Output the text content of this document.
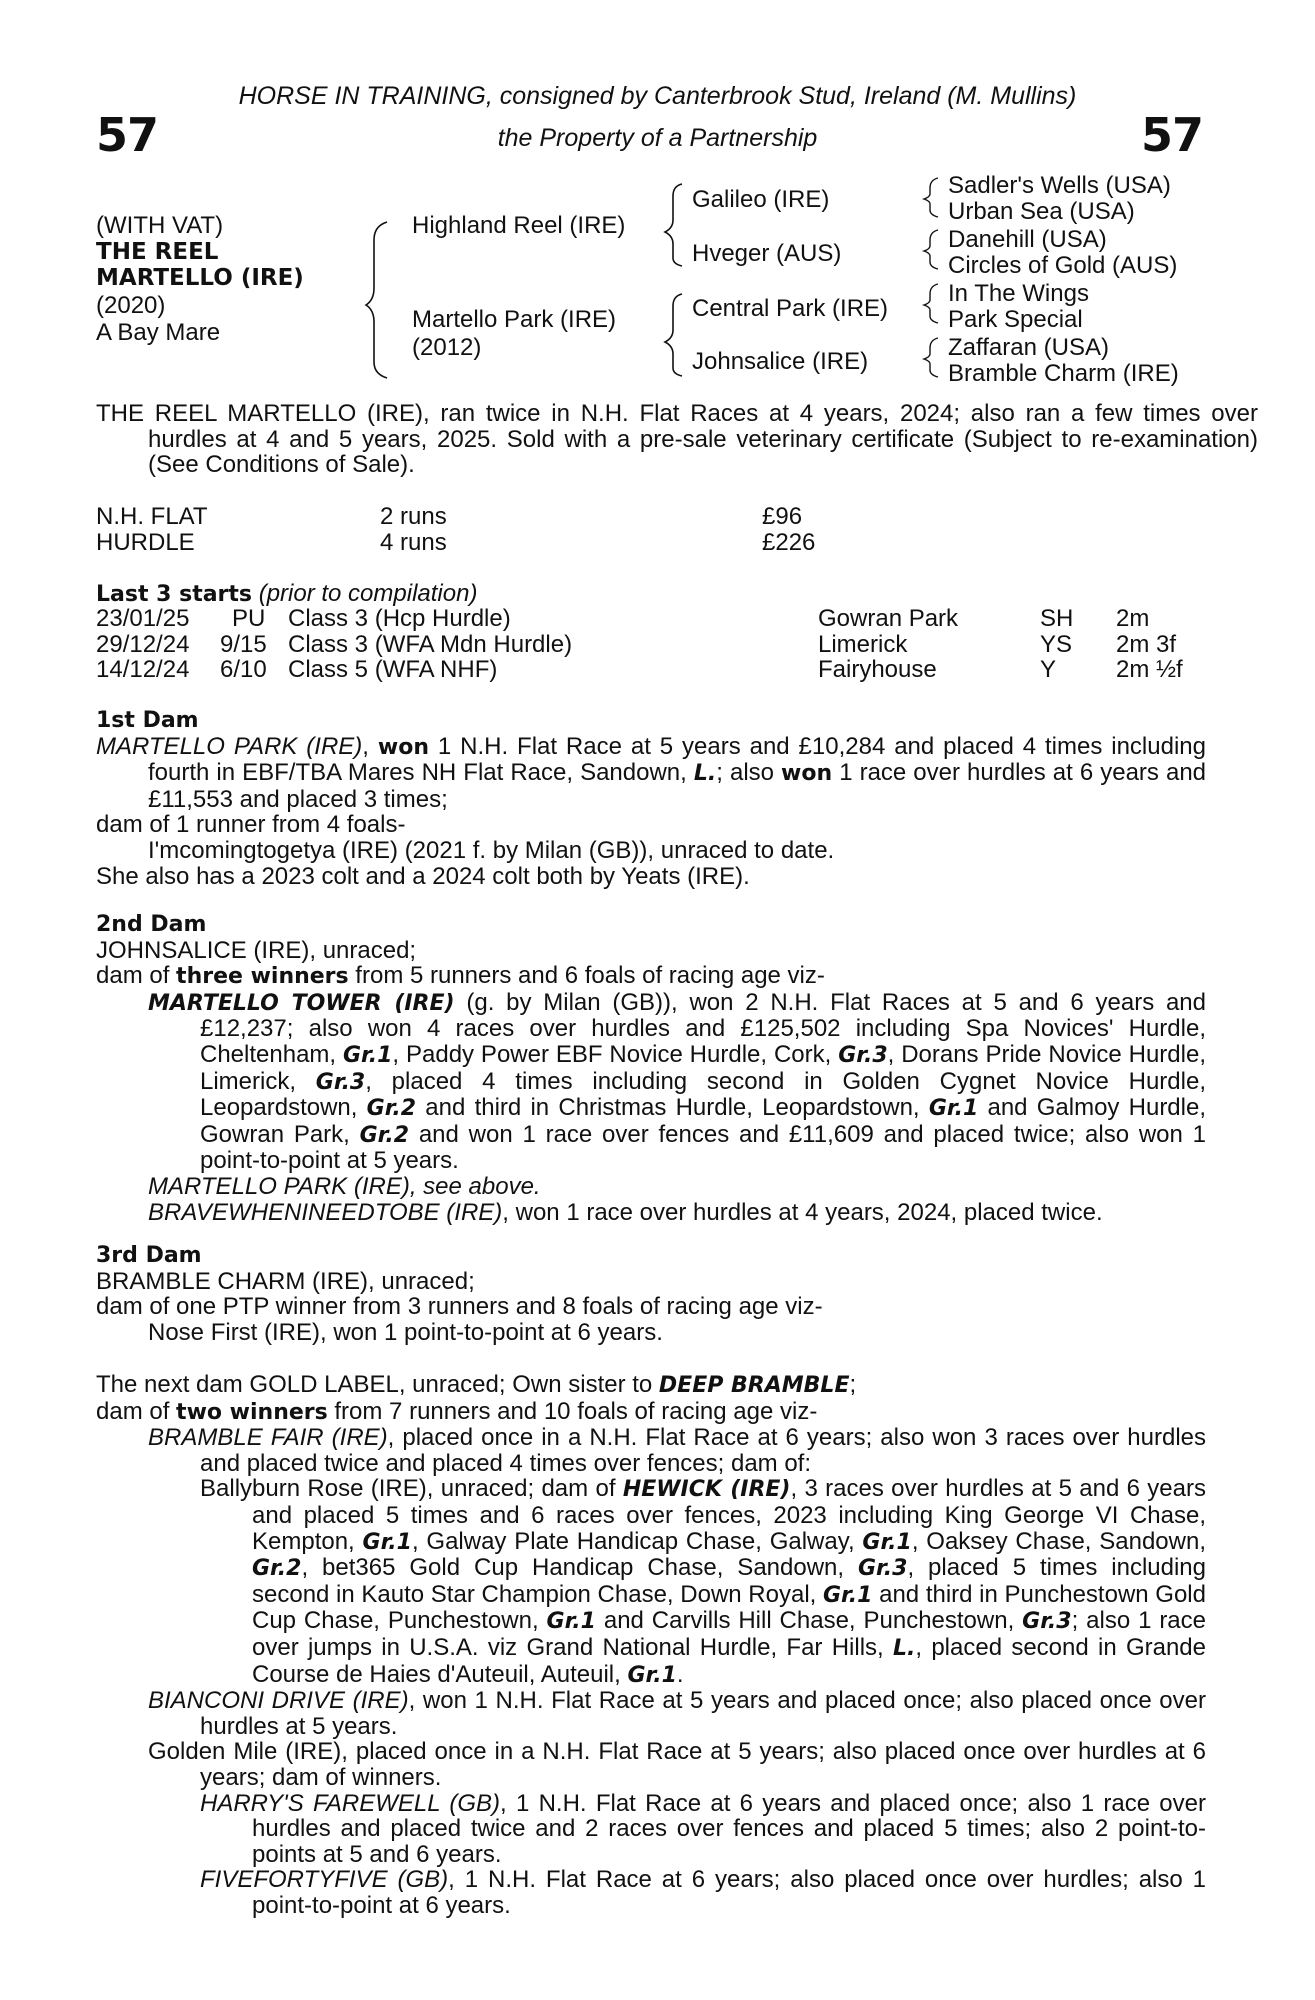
57	57
HORSE IN TRAINING, consigned by Canterbrook Stud, Ireland (M. Mullins)
the Property of a Partnership
(WITH VAT)
THE REEL
MARTELLO (IRE)
(2020)
A Bay Mare
Highland Reel (IRE)
Martello Park (IRE)
(2012)
Galileo (IRE)
Hveger (AUS)
Central Park (IRE)
Johnsalice (IRE)
Sadler's Wells (USA)
Urban Sea (USA)
Danehill (USA)
Circles of Gold (AUS)
In The Wings
Park Special
Zaffaran (USA)
Bramble Charm (IRE)
THE REEL MARTELLO (IRE), ran twice in N.H. Flat Races at 4 years, 2024; also ran a few times over hurdles at 4 and 5 years, 2025. Sold with a pre-sale veterinary certificate (Subject to re-examination) (See Conditions of Sale).
N.H. FLAT	2 runs	£96
HURDLE	4 runs	£226
Last 3 starts (prior to compilation)
23/01/25 PU Class 3 (Hcp Hurdle)	Gowran Park	SH 2m
29/12/24 9/15 Class 3 (WFA Mdn Hurdle)	Limerick	YS 2m 3f
14/12/24 6/10 Class 5 (WFA NHF)	Fairyhouse	Y 2m ½f
1st Dam
MARTELLO PARK (IRE), won 1 N.H. Flat Race at 5 years and £10,284 and placed 4 times including fourth in EBF/TBA Mares NH Flat Race, Sandown, L.; also won 1 race over hurdles at 6 years and £11,553 and placed 3 times;
dam of 1 runner from 4 foals-
I'mcomingtogetya (IRE) (2021 f. by Milan (GB)), unraced to date.
She also has a 2023 colt and a 2024 colt both by Yeats (IRE).
2nd Dam
JOHNSALICE (IRE), unraced;
dam of three winners from 5 runners and 6 foals of racing age viz-
MARTELLO TOWER (IRE) (g. by Milan (GB)), won 2 N.H. Flat Races at 5 and 6 years and £12,237; also won 4 races over hurdles and £125,502 including Spa Novices' Hurdle, Cheltenham, Gr.1, Paddy Power EBF Novice Hurdle, Cork, Gr.3, Dorans Pride Novice Hurdle, Limerick, Gr.3, placed 4 times including second in Golden Cygnet Novice Hurdle, Leopardstown, Gr.2 and third in Christmas Hurdle, Leopardstown, Gr.1 and Galmoy Hurdle, Gowran Park, Gr.2 and won 1 race over fences and £11,609 and placed twice; also won 1 point-to-point at 5 years.
MARTELLO PARK (IRE), see above.
BRAVEWHENINEEDTOBE (IRE), won 1 race over hurdles at 4 years, 2024, placed twice.
3rd Dam
BRAMBLE CHARM (IRE), unraced;
dam of one PTP winner from 3 runners and 8 foals of racing age viz-
Nose First (IRE), won 1 point-to-point at 6 years.
The next dam GOLD LABEL, unraced; Own sister to DEEP BRAMBLE;
dam of two winners from 7 runners and 10 foals of racing age viz-
BRAMBLE FAIR (IRE), placed once in a N.H. Flat Race at 6 years; also won 3 races over hurdles and placed twice and placed 4 times over fences; dam of:
Ballyburn Rose (IRE), unraced; dam of HEWICK (IRE), 3 races over hurdles at 5 and 6 years and placed 5 times and 6 races over fences, 2023 including King George VI Chase, Kempton, Gr.1, Galway Plate Handicap Chase, Galway, Gr.1, Oaksey Chase, Sandown, Gr.2, bet365 Gold Cup Handicap Chase, Sandown, Gr.3, placed 5 times including second in Kauto Star Champion Chase, Down Royal, Gr.1 and third in Punchestown Gold Cup Chase, Punchestown, Gr.1 and Carvills Hill Chase, Punchestown, Gr.3; also 1 race over jumps in U.S.A. viz Grand National Hurdle, Far Hills, L., placed second in Grande Course de Haies d'Auteuil, Auteuil, Gr.1.
BIANCONI DRIVE (IRE), won 1 N.H. Flat Race at 5 years and placed once; also placed once over hurdles at 5 years.
Golden Mile (IRE), placed once in a N.H. Flat Race at 5 years; also placed once over hurdles at 6 years; dam of winners.
HARRY'S FAREWELL (GB), 1 N.H. Flat Race at 6 years and placed once; also 1 race over hurdles and placed twice and 2 races over fences and placed 5 times; also 2 point-to-points at 5 and 6 years.
FIVEFORTYFIVE (GB), 1 N.H. Flat Race at 6 years; also placed once over hurdles; also 1 point-to-point at 6 years.
